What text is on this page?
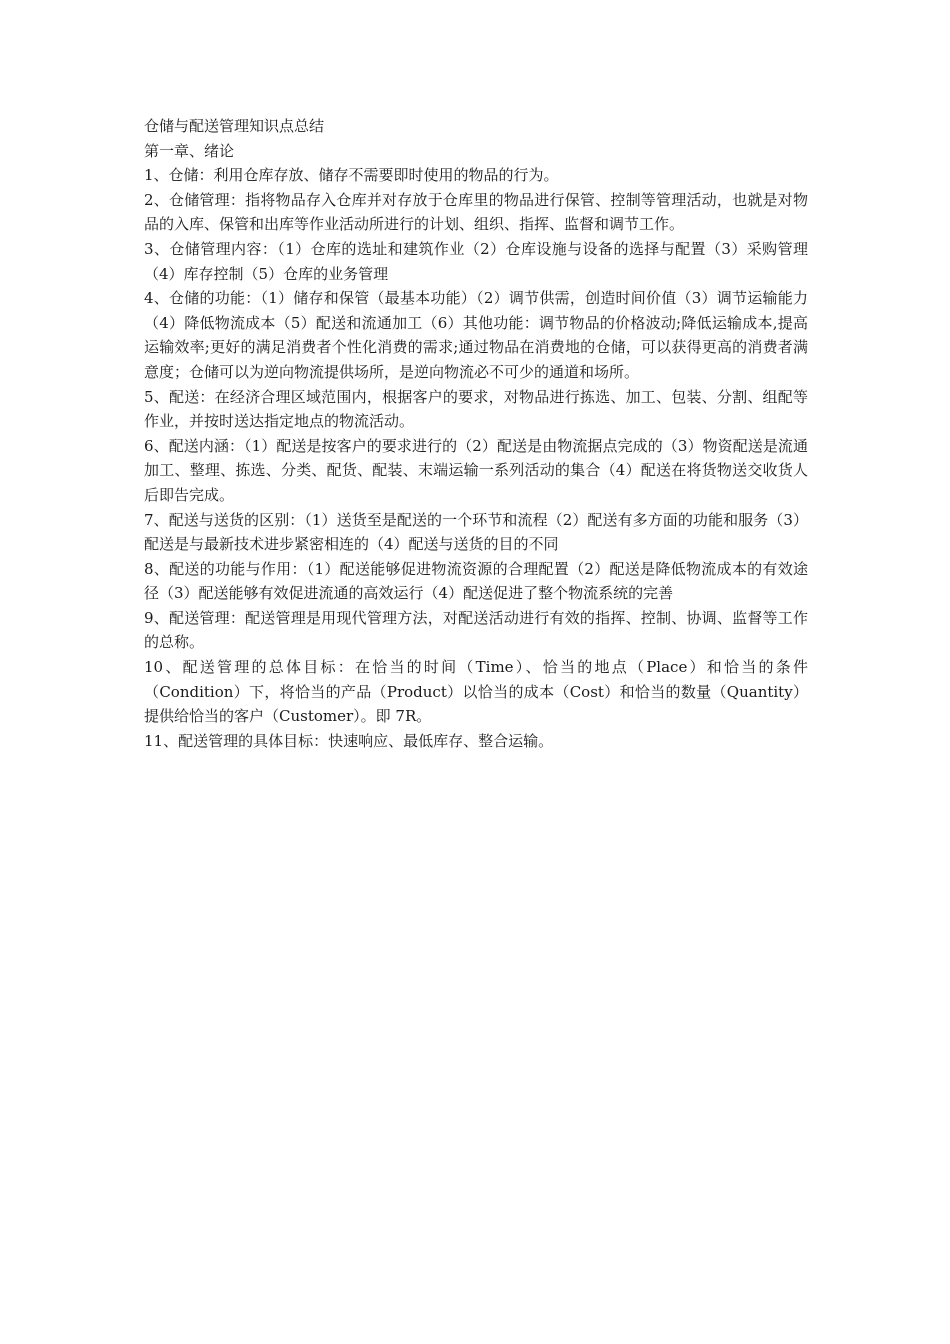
仓储与配送管理知识点总结

第一章、绪论

1、仓储：利用仓库存放、储存不需要即时使用的物品的行为。

2、仓储管理：指将物品存入仓库并对存放于仓库里的物品进行保管、控制等管理活动，也就是对物品的入库、保管和出库等作业活动所进行的计划、组织、指挥、监督和调节工作。

3、仓储管理内容：（1）仓库的选址和建筑作业（2）仓库设施与设备的选择与配置（3）采购管理（4）库存控制（5）仓库的业务管理

4、仓储的功能：（1）储存和保管（最基本功能）（2）调节供需，创造时间价值（3）调节运输能力（4）降低物流成本（5）配送和流通加工（6）其他功能：调节物品的价格波动;降低运输成本,提高运输效率;更好的满足消费者个性化消费的需求;通过物品在消费地的仓储，可以获得更高的消费者满意度；仓储可以为逆向物流提供场所，是逆向物流必不可少的通道和场所。

5、配送：在经济合理区域范围内，根据客户的要求，对物品进行拣选、加工、包装、分割、组配等作业，并按时送达指定地点的物流活动。

6、配送内涵：（1）配送是按客户的要求进行的（2）配送是由物流据点完成的（3）物资配送是流通加工、整理、拣选、分类、配货、配装、末端运输一系列活动的集合（4）配送在将货物送交收货人后即告完成。

7、配送与送货的区别：（1）送货至是配送的一个环节和流程（2）配送有多方面的功能和服务（3）配送是与最新技术进步紧密相连的（4）配送与送货的目的不同

8、配送的功能与作用：（1）配送能够促进物流资源的合理配置（2）配送是降低物流成本的有效途径（3）配送能够有效促进流通的高效运行（4）配送促进了整个物流系统的完善

9、配送管理：配送管理是用现代管理方法，对配送活动进行有效的指挥、控制、协调、监督等工作的总称。

10、配送管理的总体目标：在恰当的时间（Time）、恰当的地点（Place）和恰当的条件（Condition）下，将恰当的产品（Product）以恰当的成本（Cost）和恰当的数量（Quantity）提供给恰当的客户（Customer）。即 7R。

11、配送管理的具体目标：快速响应、最低库存、整合运输。
